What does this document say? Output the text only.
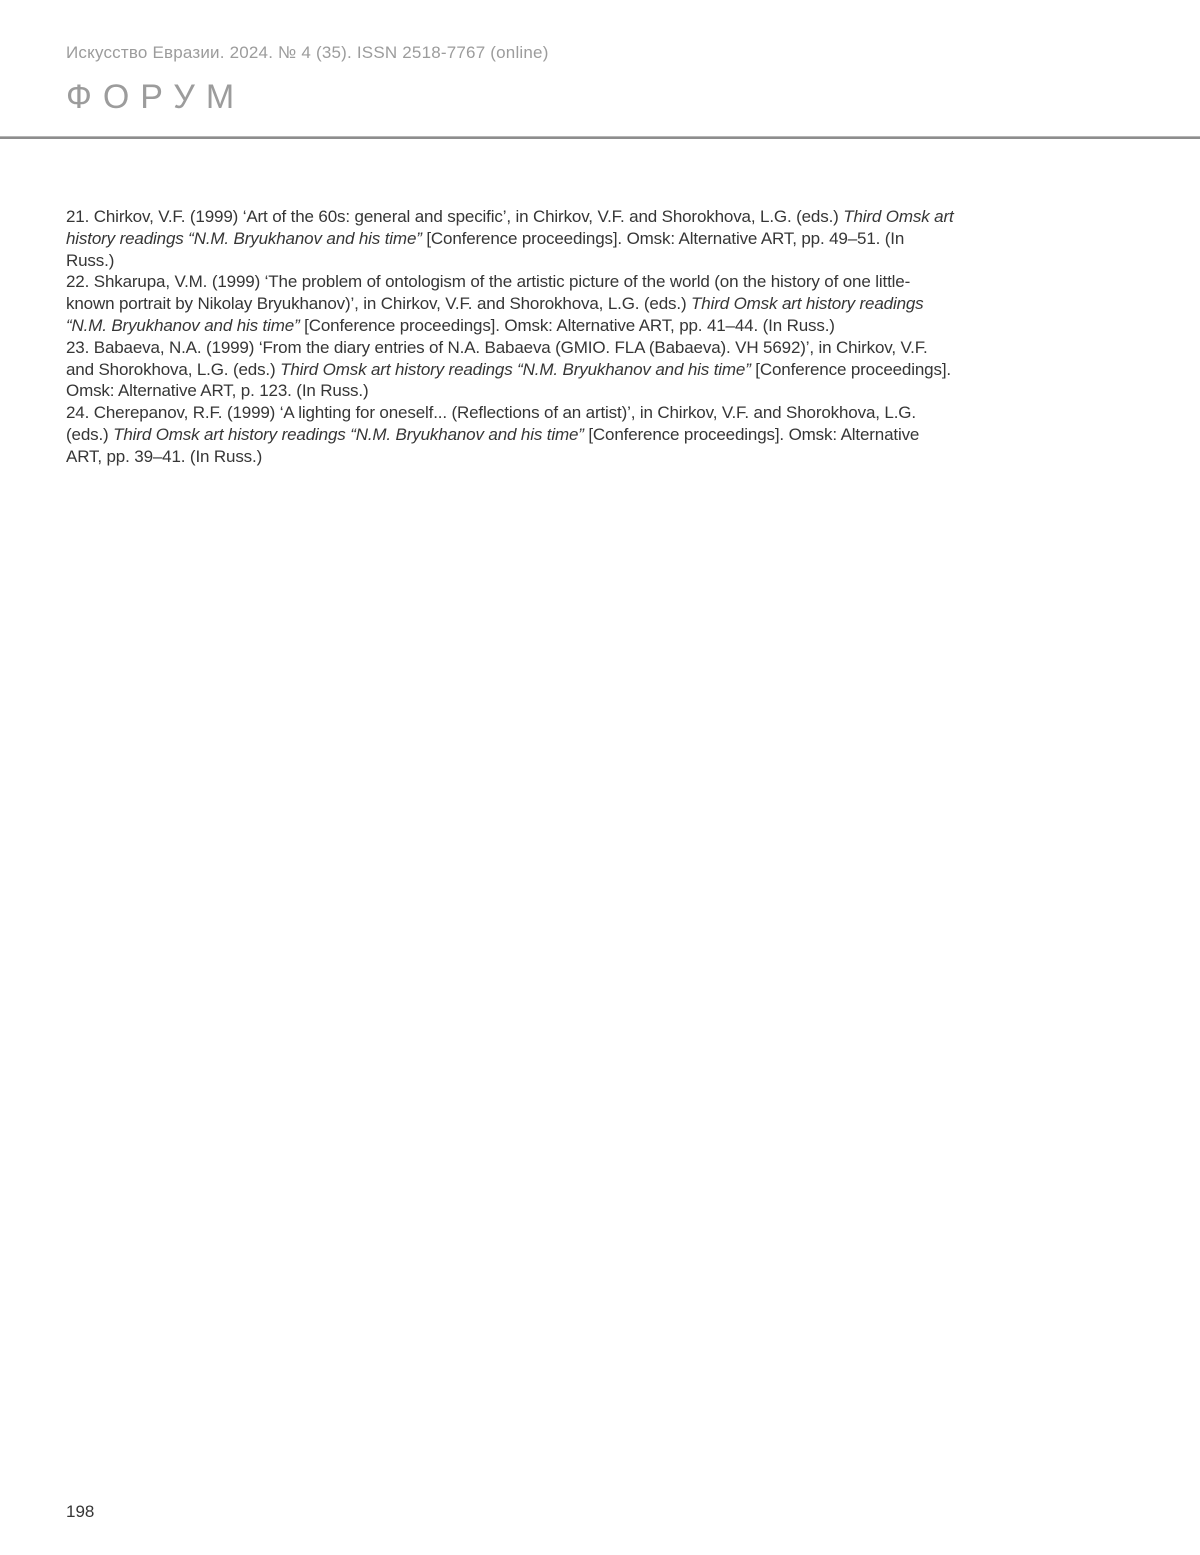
Искусство Евразии. 2024. № 4 (35). ISSN 2518-7767 (online)
ФОРУМ

21. Chirkov, V.F. (1999) ‘Art of the 60s: general and specific’, in Chirkov, V.F. and Shorokhova, L.G. (eds.) Third Omsk art history readings “N.M. Bryukhanov and his time” [Conference proceedings]. Omsk: Alternative ART, pp. 49–51. (In Russ.)

22. Shkarupa, V.M. (1999) ‘The problem of ontologism of the artistic picture of the world (on the history of one little-known portrait by Nikolay Bryukhanov)’, in Chirkov, V.F. and Shorokhova, L.G. (eds.) Third Omsk art history readings “N.M. Bryukhanov and his time” [Conference proceedings]. Omsk: Alternative ART, pp. 41–44. (In Russ.)

23. Babaeva, N.A. (1999) ‘From the diary entries of N.A. Babaeva (GMIO. FLA (Babaeva). VH 5692)’, in Chirkov, V.F. and Shorokhova, L.G. (eds.) Third Omsk art history readings “N.M. Bryukhanov and his time” [Conference proceedings]. Omsk: Alternative ART, p. 123. (In Russ.)

24. Cherepanov, R.F. (1999) ‘A lighting for oneself... (Reflections of an artist)’, in Chirkov, V.F. and Shorokhova, L.G. (eds.) Third Omsk art history readings “N.M. Bryukhanov and his time” [Conference proceedings]. Omsk: Alternative ART, pp. 39–41. (In Russ.)

198
